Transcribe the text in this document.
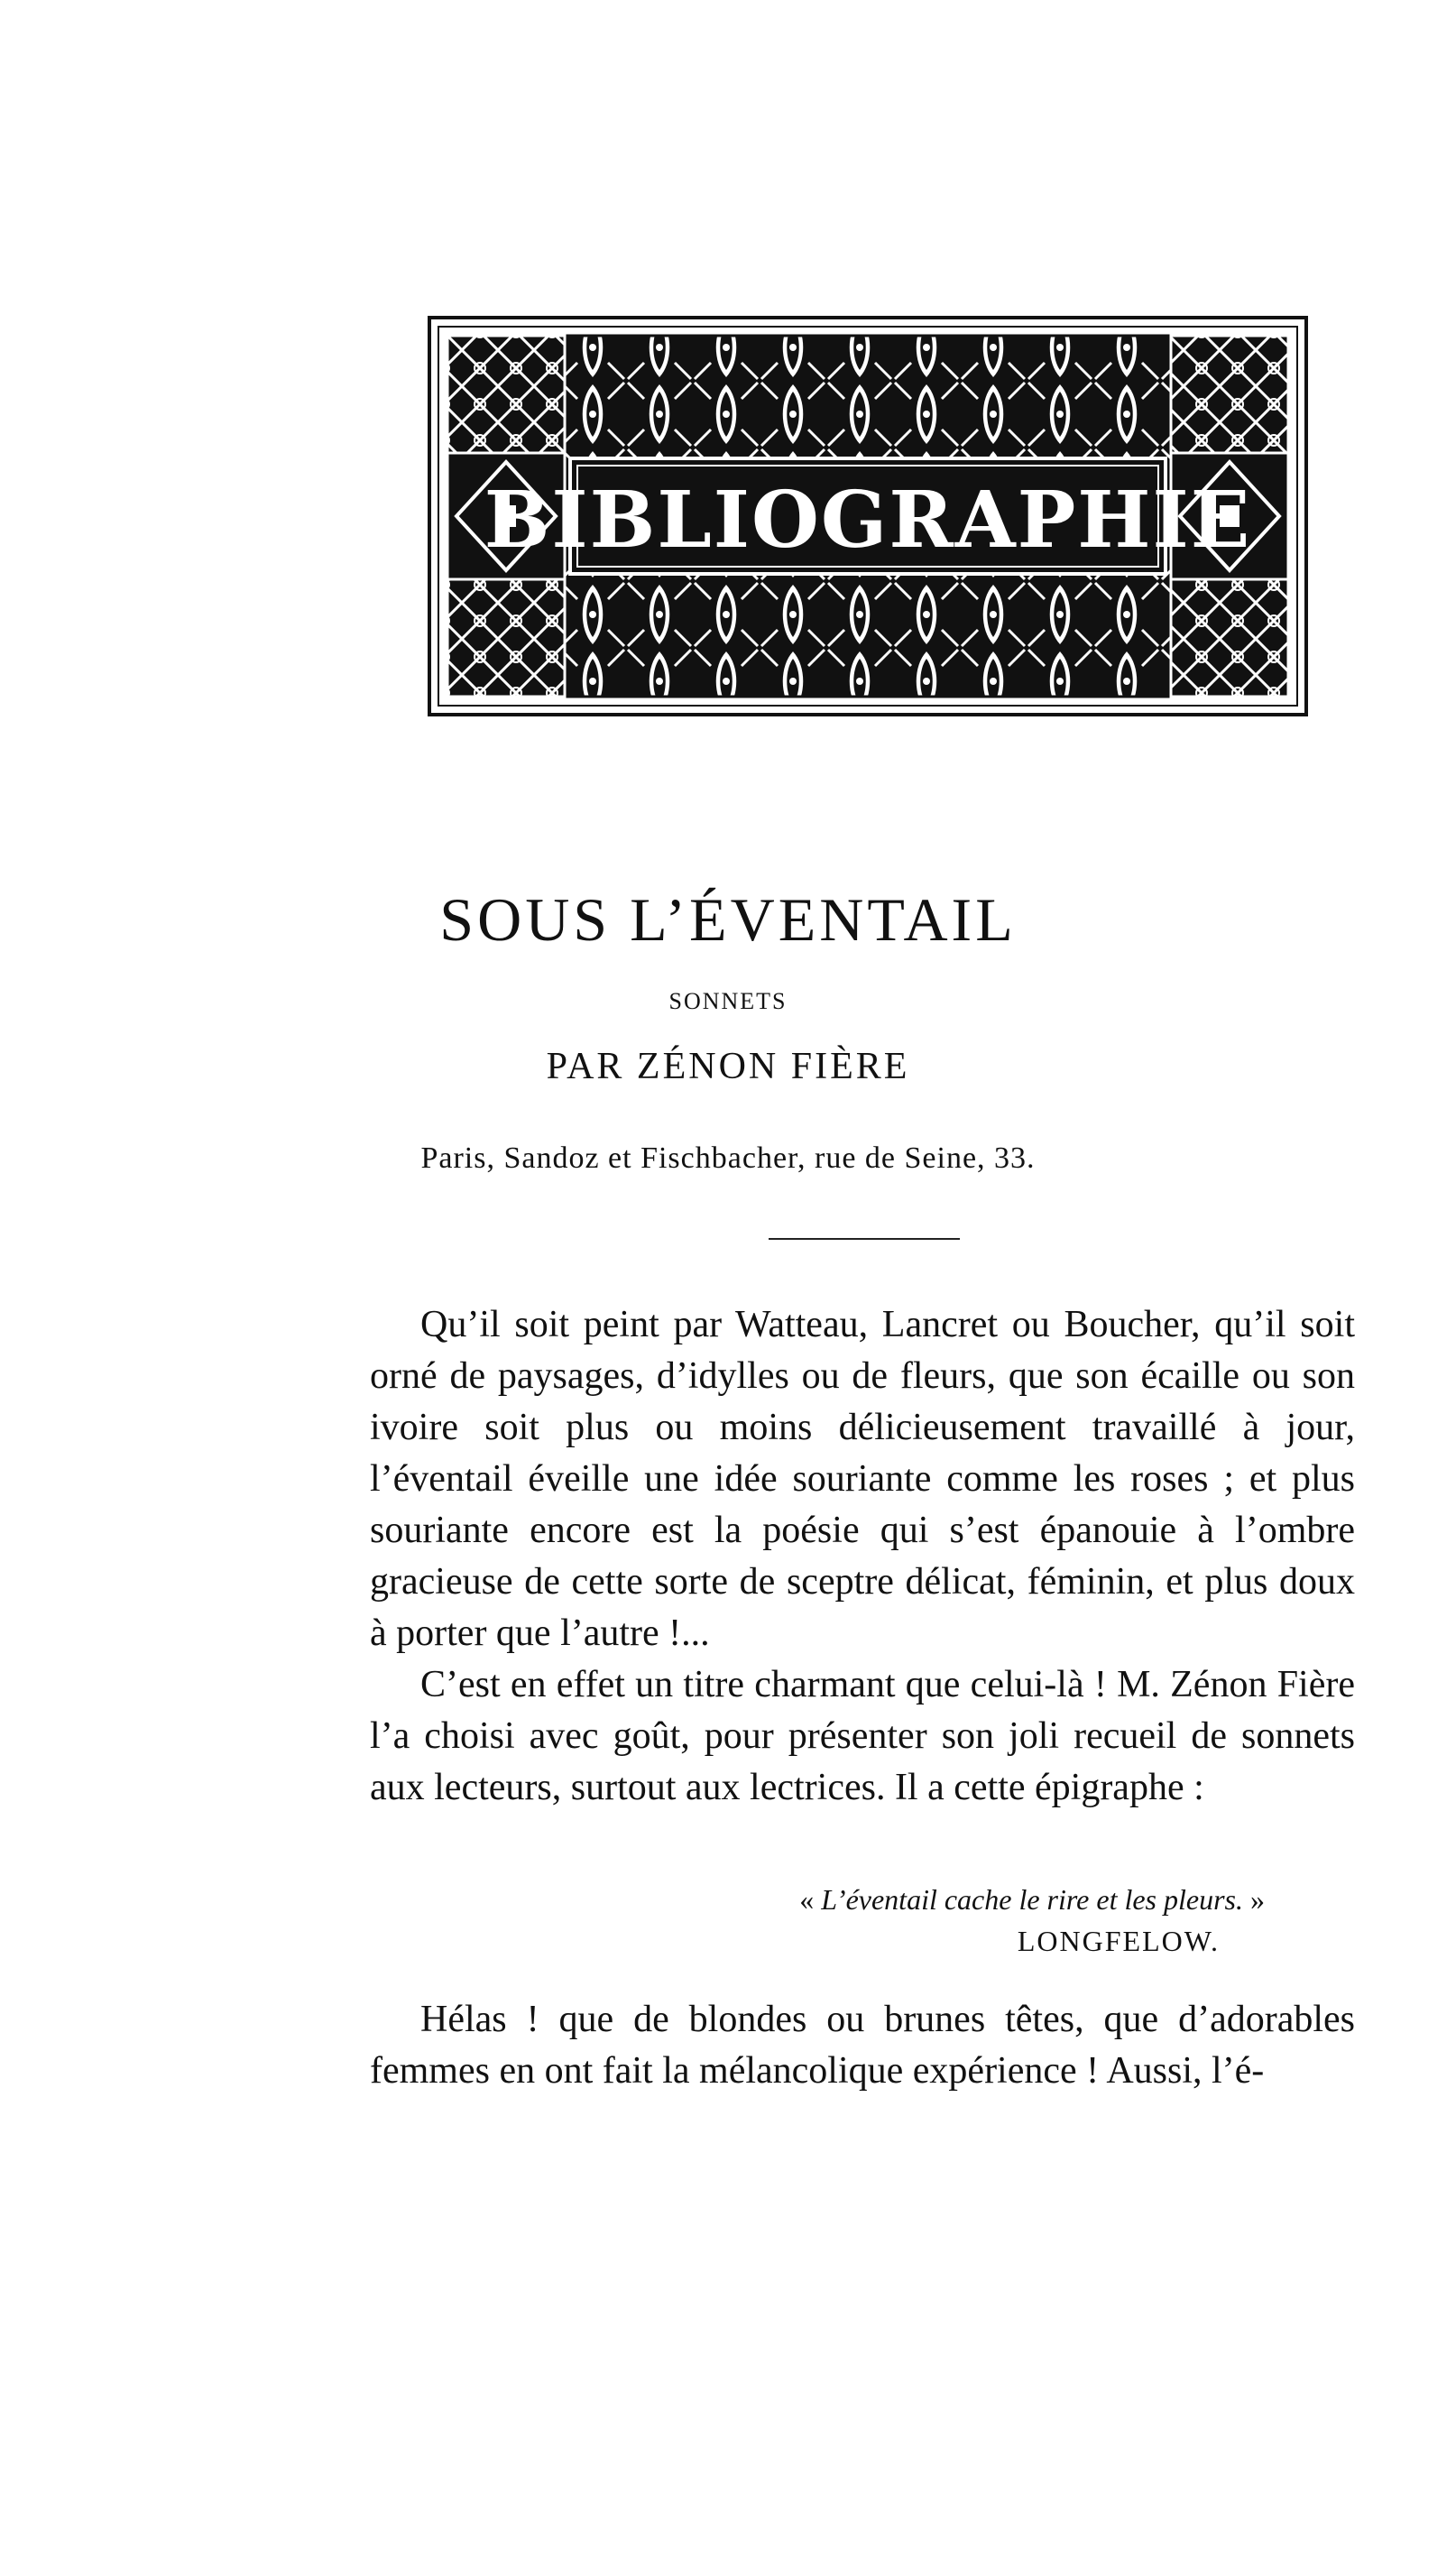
BIBLIOGRAPHIE
SOUS L’ÉVENTAIL
SONNETS
PAR ZÉNON FIÈRE
Paris, Sandoz et Fischbacher, rue de Seine, 33.

Qu’il soit peint par Watteau, Lancret ou Boucher, qu’il soit orné de paysages, d’idylles ou de fleurs, que son écaille ou son ivoire soit plus ou moins délicieusement travaillé à jour, l’éventail éveille une idée souriante comme les roses ; et plus souriante encore est la poésie qui s’est épanouie à l’ombre gracieuse de cette sorte de sceptre délicat, féminin, et plus doux à porter que l’autre !...

C’est en effet un titre charmant que celui-là ! M. Zénon Fière l’a choisi avec goût, pour présenter son joli recueil de sonnets aux lecteurs, surtout aux lectrices. Il a cette épigraphe :

« L’éventail cache le rire et les pleurs. »
LONGFELOW.

Hélas ! que de blondes ou brunes têtes, que d’adorables femmes en ont fait la mélancolique expérience ! Aussi, l’é-
